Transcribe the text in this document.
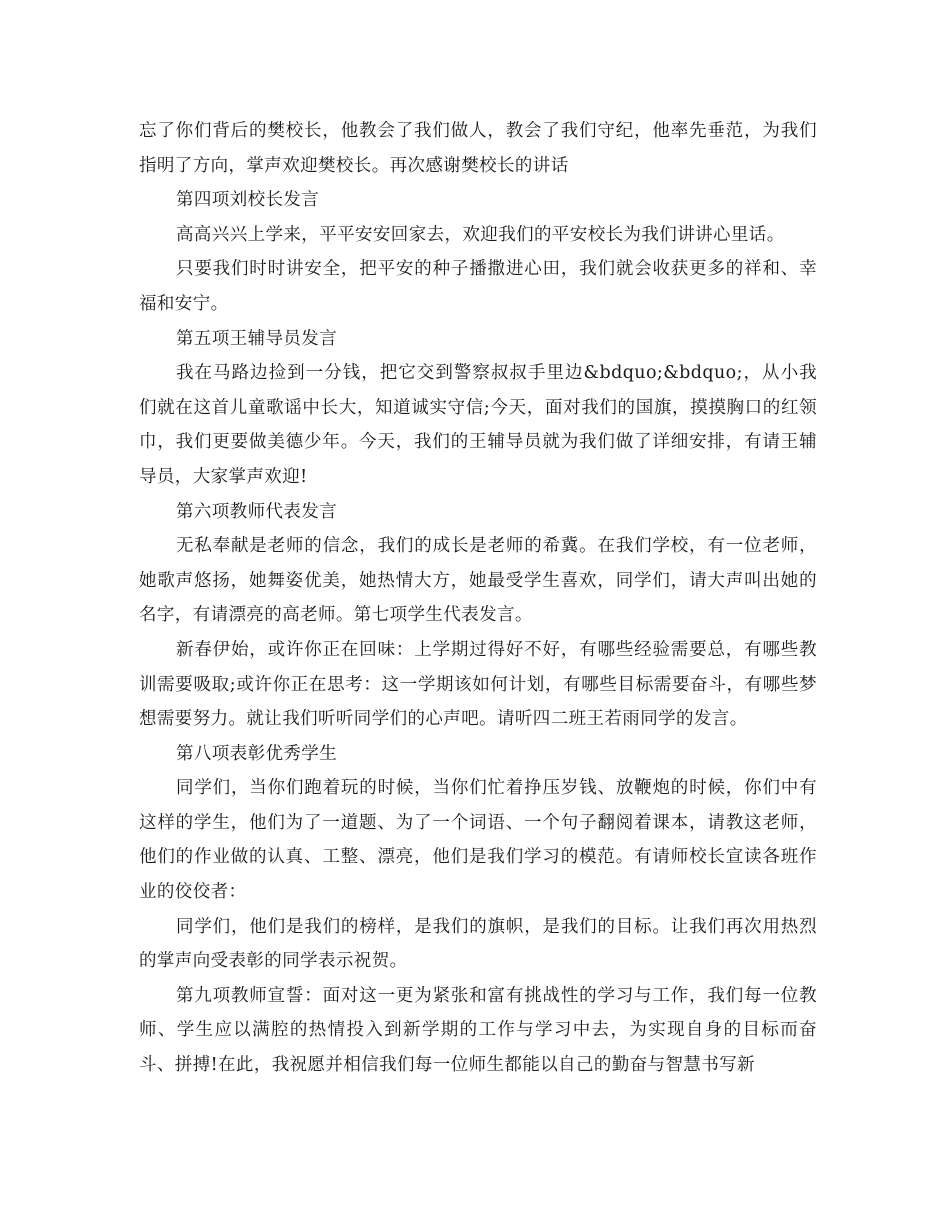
忘了你们背后的樊校长，他教会了我们做人，教会了我们守纪，他率先垂范，为我们指明了方向，掌声欢迎樊校长。再次感谢樊校长的讲话

第四项刘校长发言

高高兴兴上学来，平平安安回家去，欢迎我们的平安校长为我们讲讲心里话。

只要我们时时讲安全，把平安的种子播撒进心田，我们就会收获更多的祥和、幸福和安宁。

第五项王辅导员发言

我在马路边捡到一分钱，把它交到警察叔叔手里边&bdquo;&bdquo;，从小我们就在这首儿童歌谣中长大，知道诚实守信;今天，面对我们的国旗，摸摸胸口的红领巾，我们更要做美德少年。今天，我们的王辅导员就为我们做了详细安排，有请王辅导员，大家掌声欢迎!

第六项教师代表发言

无私奉献是老师的信念，我们的成长是老师的希冀。在我们学校，有一位老师，她歌声悠扬，她舞姿优美，她热情大方，她最受学生喜欢，同学们，请大声叫出她的名字，有请漂亮的高老师。第七项学生代表发言。

新春伊始，或许你正在回味：上学期过得好不好，有哪些经验需要总，有哪些教训需要吸取;或许你正在思考：这一学期该如何计划，有哪些目标需要奋斗，有哪些梦想需要努力。就让我们听听同学们的心声吧。请听四二班王若雨同学的发言。

第八项表彰优秀学生

同学们，当你们跑着玩的时候，当你们忙着挣压岁钱、放鞭炮的时候，你们中有这样的学生，他们为了一道题、为了一个词语、一个句子翻阅着课本，请教这老师，他们的作业做的认真、工整、漂亮，他们是我们学习的模范。有请师校长宣读各班作业的佼佼者：

同学们，他们是我们的榜样，是我们的旗帜，是我们的目标。让我们再次用热烈的掌声向受表彰的同学表示祝贺。

第九项教师宣誓：面对这一更为紧张和富有挑战性的学习与工作，我们每一位教师、学生应以满腔的热情投入到新学期的工作与学习中去，为实现自身的目标而奋斗、拼搏!在此，我祝愿并相信我们每一位师生都能以自己的勤奋与智慧书写新
